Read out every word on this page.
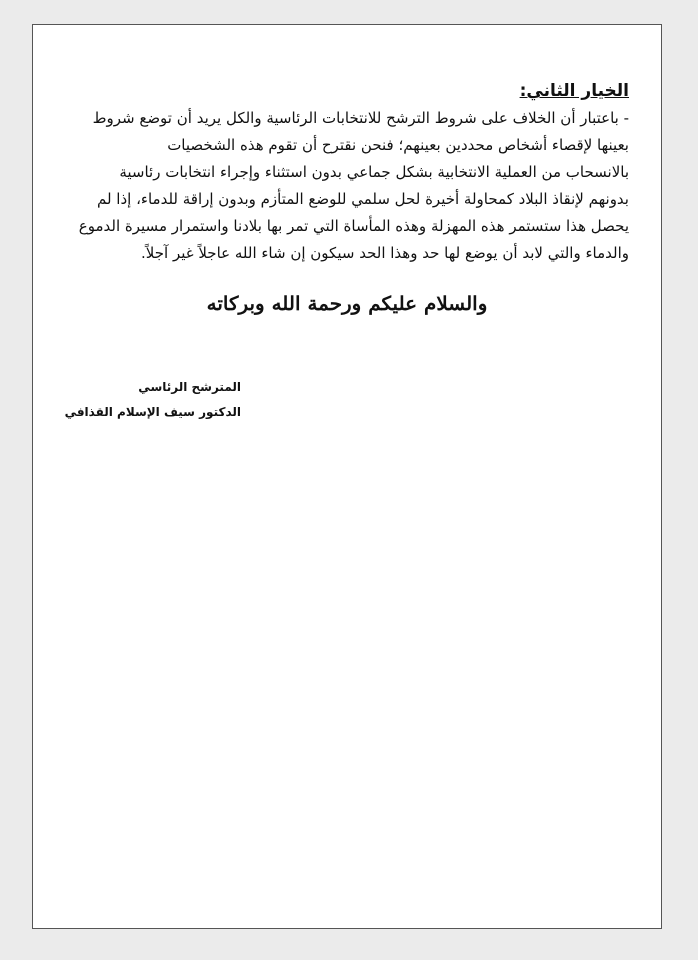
الخيار الثاني:

- باعتبار أن الخلاف على شروط الترشح للانتخابات الرئاسية والكل يريد أن توضع شروط
بعينها لإقصاء أشخاص محددين بعينهم؛ فنحن نقترح أن تقوم هذه الشخصيات
بالانسحاب من العملية الانتخابية بشكل جماعي بدون استثناء وإجراء انتخابات رئاسية
بدونهم لإنقاذ البلاد كمحاولة أخيرة لحل سلمي للوضع المتأزم وبدون إراقة للدماء، إذا لم
يحصل هذا ستستمر هذه المهزلة وهذه المأساة التي تمر بها بلادنا واستمرار مسيرة الدموع
والدماء والتي لابد أن يوضع لها حد وهذا الحد سيكون إن شاء الله عاجلاً غير آجلاً.

والسلام عليكم ورحمة الله وبركاته

المترشح الرئاسي

الدكتور سيف الإسلام القذافي
